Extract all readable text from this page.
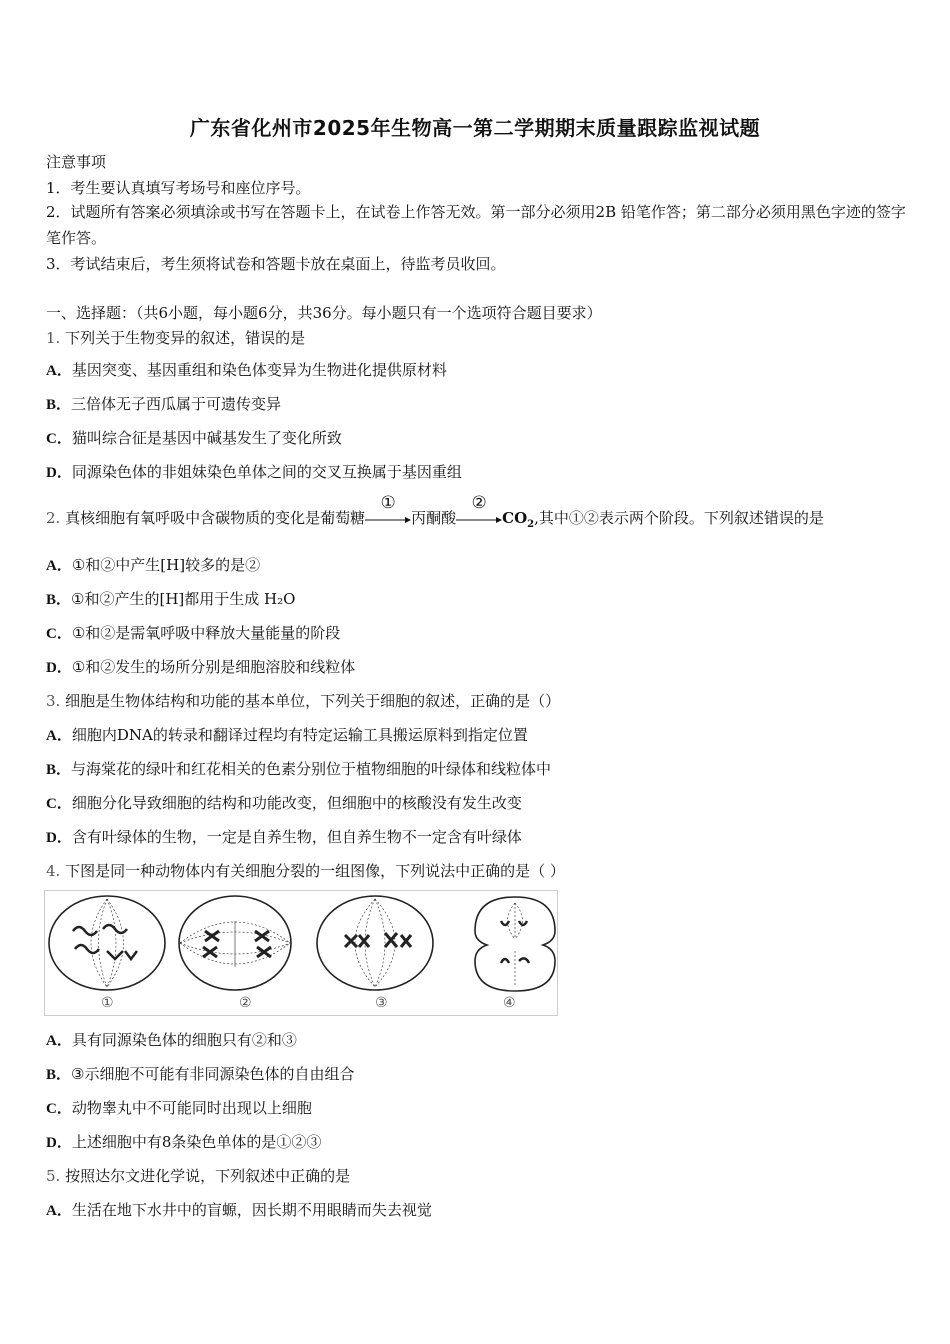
广东省化州市2025年生物高一第二学期期末质量跟踪监视试题
注意事项
1．考生要认真填写考场号和座位序号。
2．试题所有答案必须填涂或书写在答题卡上，在试卷上作答无效。第一部分必须用2B 铅笔作答；第二部分必须用黑色字迹的签字笔作答。
3．考试结束后，考生须将试卷和答题卡放在桌面上，待监考员收回。
一、选择题：（共6小题，每小题6分，共36分。每小题只有一个选项符合题目要求）
1. 下列关于生物变异的叙述，错误的是
A．基因突变、基因重组和染色体变异为生物进化提供原材料
B．三倍体无子西瓜属于可遗传变异
C．猫叫综合征是基因中碱基发生了变化所致
D．同源染色体的非姐妹染色单体之间的交叉互换属于基因重组
2. 真核细胞有氧呼吸中含碳物质的变化是葡萄糖
①
丙酮酸
②
$CO_2$,其中①②表示两个阶段。下列叙述错误的是
A．①和②中产生[H]较多的是②
B．①和②产生的[H]都用于生成 H₂O
C．①和②是需氧呼吸中释放大量能量的阶段
D．①和②发生的场所分别是细胞溶胶和线粒体
3. 细胞是生物体结构和功能的基本单位，下列关于细胞的叙述，正确的是（）
A．细胞内DNA的转录和翻译过程均有特定运输工具搬运原料到指定位置
B．与海棠花的绿叶和红花相关的色素分别位于植物细胞的叶绿体和线粒体中
C．细胞分化导致细胞的结构和功能改变，但细胞中的核酸没有发生改变
D．含有叶绿体的生物，一定是自养生物，但自养生物不一定含有叶绿体
4. 下图是同一种动物体内有关细胞分裂的一组图像，下列说法中正确的是（ ）
①	②	③	④
A．具有同源染色体的细胞只有②和③
B．③示细胞不可能有非同源染色体的自由组合
C．动物睾丸中不可能同时出现以上细胞
D．上述细胞中有8条染色单体的是①②③
5. 按照达尔文进化学说，下列叙述中正确的是
A．生活在地下水井中的盲螈，因长期不用眼睛而失去视觉
